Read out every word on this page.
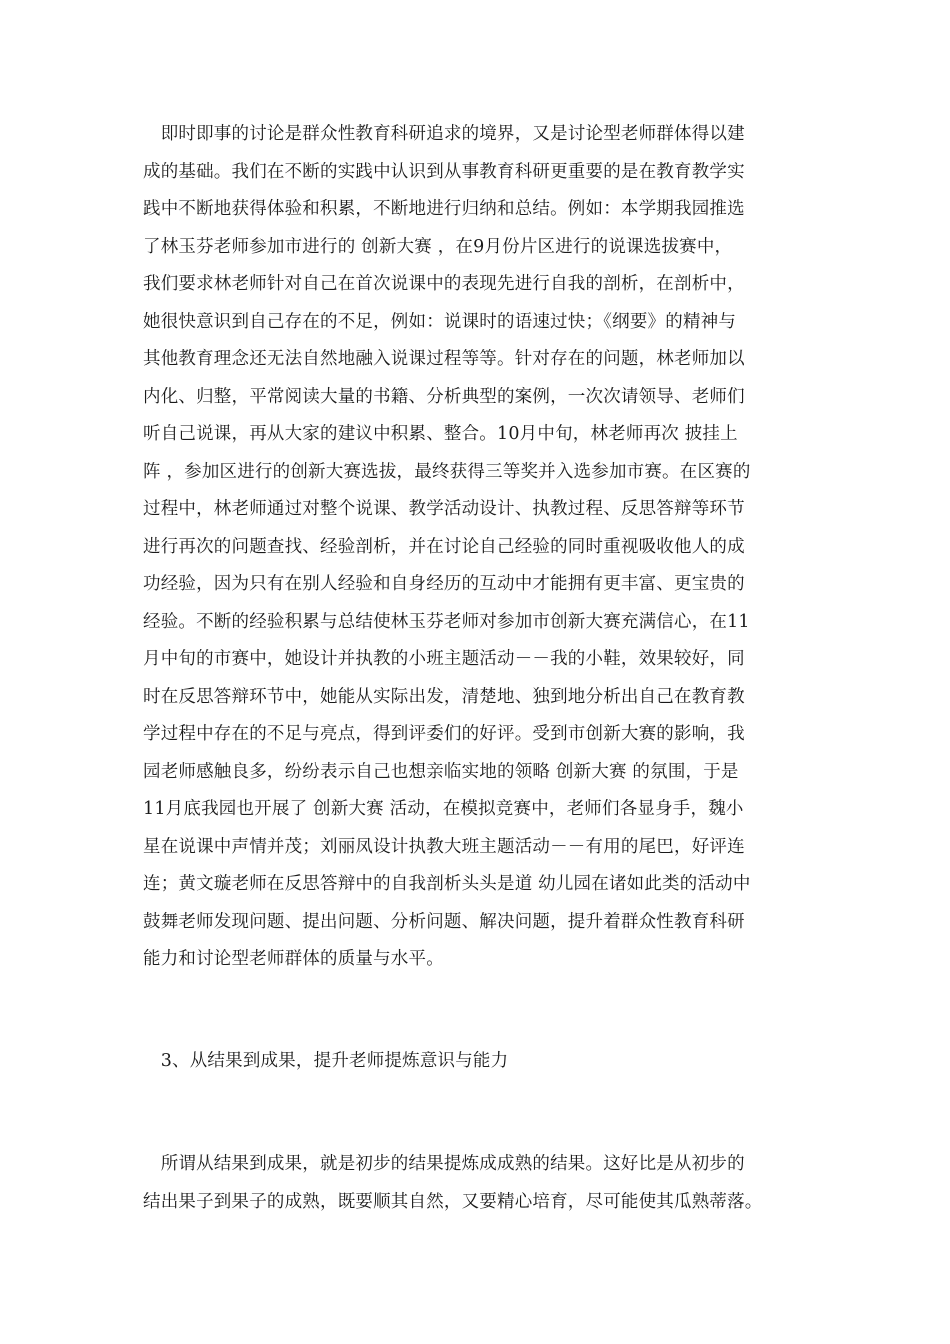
　即时即事的讨论是群众性教育科研追求的境界，又是讨论型老师群体得以建
成的基础。我们在不断的实践中认识到从事教育科研更重要的是在教育教学实
践中不断地获得体验和积累，不断地进行归纳和总结。例如：本学期我园推选
了林玉芬老师参加市进行的 创新大赛 ，在9月份片区进行的说课选拔赛中，
我们要求林老师针对自己在首次说课中的表现先进行自我的剖析，在剖析中，
她很快意识到自己存在的不足，例如：说课时的语速过快；《纲要》的精神与
其他教育理念还无法自然地融入说课过程等等。针对存在的问题，林老师加以
内化、归整，平常阅读大量的书籍、分析典型的案例，一次次请领导、老师们
听自己说课，再从大家的建议中积累、整合。10月中旬，林老师再次 披挂上
阵 ，参加区进行的创新大赛选拔，最终获得三等奖并入选参加市赛。在区赛的
过程中，林老师通过对整个说课、教学活动设计、执教过程、反思答辩等环节
进行再次的问题查找、经验剖析，并在讨论自己经验的同时重视吸收他人的成
功经验，因为只有在别人经验和自身经历的互动中才能拥有更丰富、更宝贵的
经验。不断的经验积累与总结使林玉芬老师对参加市创新大赛充满信心，在11
月中旬的市赛中，她设计并执教的小班主题活动－－我的小鞋，效果较好，同
时在反思答辩环节中，她能从实际出发，清楚地、独到地分析出自己在教育教
学过程中存在的不足与亮点，得到评委们的好评。受到市创新大赛的影响，我
园老师感触良多，纷纷表示自己也想亲临实地的领略 创新大赛 的氛围，于是
11月底我园也开展了 创新大赛 活动，在模拟竞赛中，老师们各显身手，魏小
星在说课中声情并茂；刘丽凤设计执教大班主题活动－－有用的尾巴，好评连
连；黄文璇老师在反思答辩中的自我剖析头头是道 幼儿园在诸如此类的活动中
鼓舞老师发现问题、提出问题、分析问题、解决问题，提升着群众性教育科研
能力和讨论型老师群体的质量与水平。
　3、从结果到成果，提升老师提炼意识与能力
　所谓从结果到成果，就是初步的结果提炼成成熟的结果。这好比是从初步的
结出果子到果子的成熟，既要顺其自然，又要精心培育，尽可能使其瓜熟蒂落。
